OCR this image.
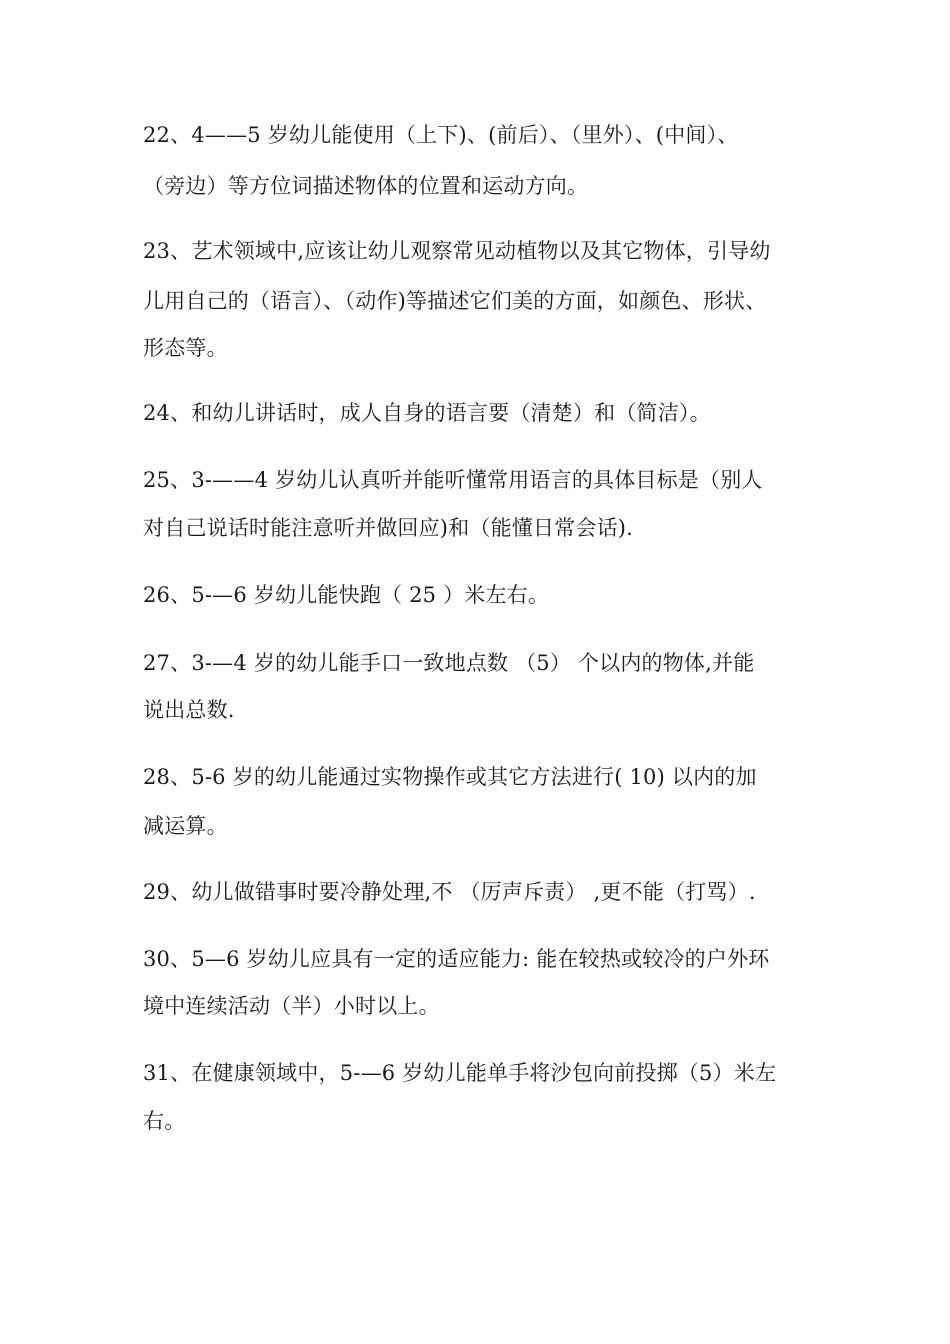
22、4——5 岁幼儿能使用（上下)、(前后）、（里外）、(中间）、
（旁边）等方位词描述物体的位置和运动方向。
23、艺术领域中,应该让幼儿观察常见动植物以及其它物体，引导幼
儿用自己的（语言）、（动作)等描述它们美的方面，如颜色、形状、
形态等。
24、和幼儿讲话时，成人自身的语言要（清楚）和（简洁）。
25、3-——4 岁幼儿认真听并能听懂常用语言的具体目标是（别人
对自己说话时能注意听并做回应)和（能懂日常会话).
26、5-—6 岁幼儿能快跑（ 25 ）米左右。
27、3-—4 岁的幼儿能手口一致地点数 （5） 个以内的物体,并能
说出总数.
28、5-6 岁的幼儿能通过实物操作或其它方法进行( 10) 以内的加
减运算。
29、幼儿做错事时要冷静处理,不 （厉声斥责） ,更不能（打骂）.
30、5—6 岁幼儿应具有一定的适应能力: 能在较热或较冷的户外环
境中连续活动（半）小时以上。
31、在健康领域中，5-—6 岁幼儿能单手将沙包向前投掷（5）米左
右。
